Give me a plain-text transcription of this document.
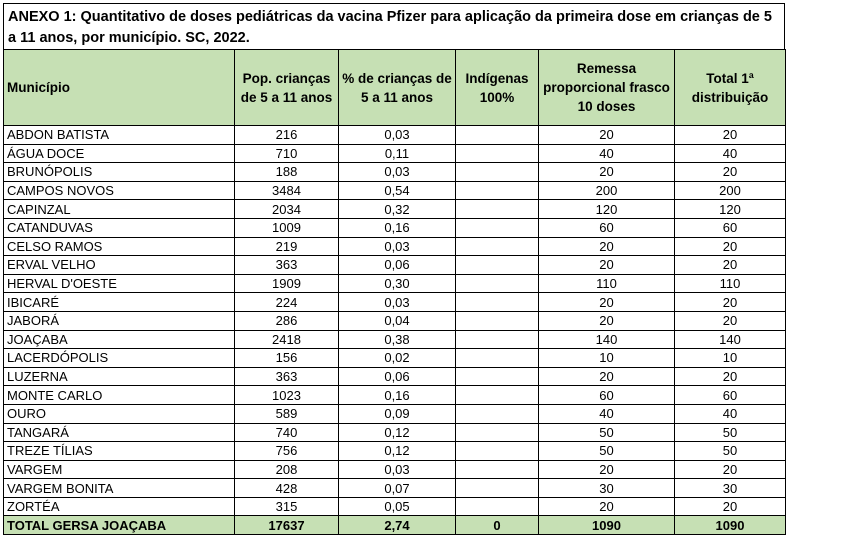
ANEXO 1: Quantitativo de doses pediátricas da vacina Pfizer para aplicação da primeira dose em crianças de 5 a 11 anos, por município. SC, 2022.
Município	Pop. crianças de 5 a 11 anos	% de crianças de 5 a 11 anos	Indígenas 100%	Remessa proporcional frasco 10 doses	Total 1ª distribuição
ABDON BATISTA	216	0,03		20	20
ÁGUA DOCE	710	0,11		40	40
BRUNÓPOLIS	188	0,03		20	20
CAMPOS NOVOS	3484	0,54		200	200
CAPINZAL	2034	0,32		120	120
CATANDUVAS	1009	0,16		60	60
CELSO RAMOS	219	0,03		20	20
ERVAL VELHO	363	0,06		20	20
HERVAL D'OESTE	1909	0,30		110	110
IBICARÉ	224	0,03		20	20
JABORÁ	286	0,04		20	20
JOAÇABA	2418	0,38		140	140
LACERDÓPOLIS	156	0,02		10	10
LUZERNA	363	0,06		20	20
MONTE CARLO	1023	0,16		60	60
OURO	589	0,09		40	40
TANGARÁ	740	0,12		50	50
TREZE TÍLIAS	756	0,12		50	50
VARGEM	208	0,03		20	20
VARGEM BONITA	428	0,07		30	30
ZORTÉA	315	0,05		20	20
TOTAL GERSA JOAÇABA	17637	2,74	0	1090	1090
